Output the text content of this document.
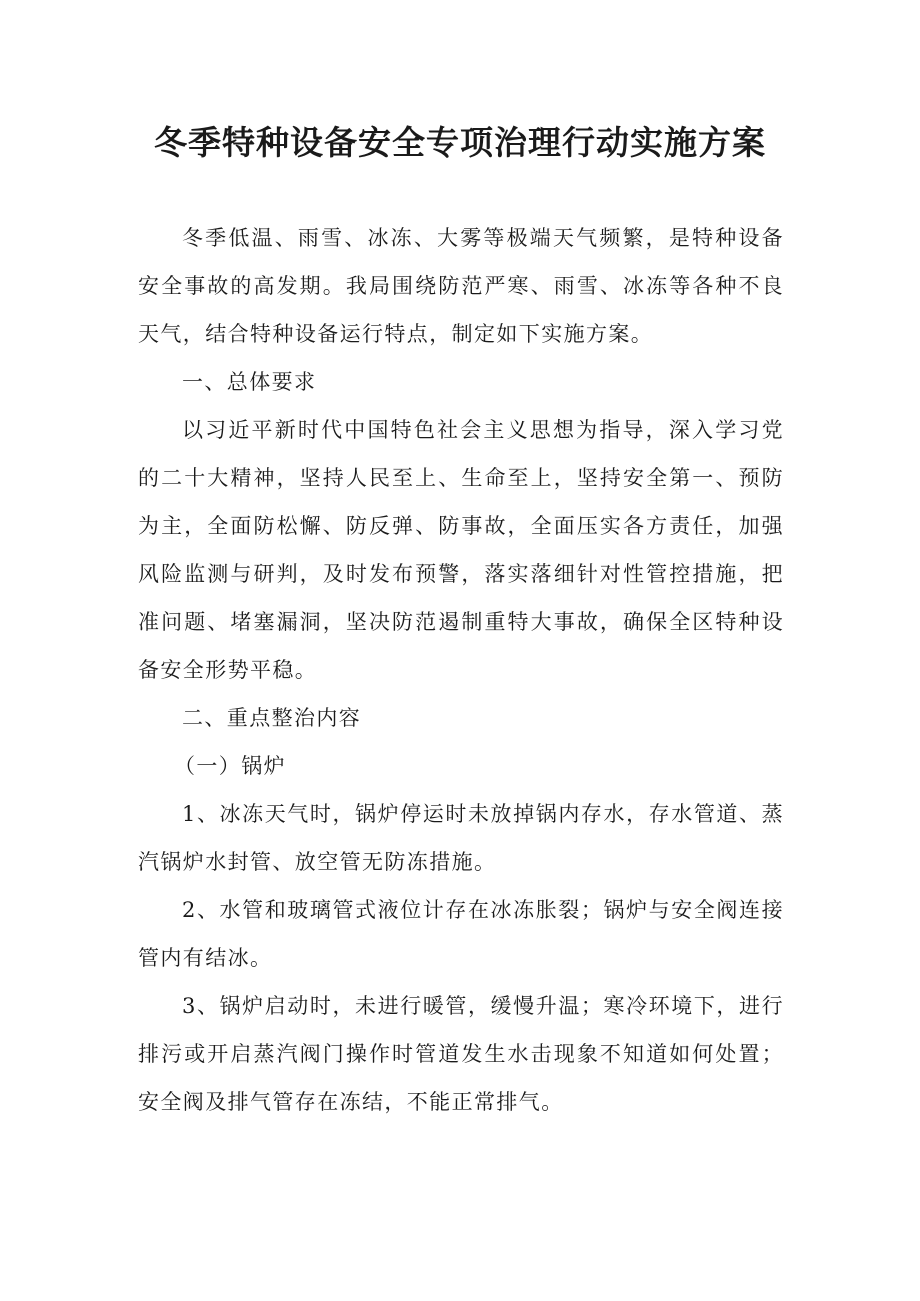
冬季特种设备安全专项治理行动实施方案

冬季低温、雨雪、冰冻、大雾等极端天气频繁，是特种设备安全事故的高发期。我局围绕防范严寒、雨雪、冰冻等各种不良天气，结合特种设备运行特点，制定如下实施方案。

一、总体要求

以习近平新时代中国特色社会主义思想为指导，深入学习党的二十大精神，坚持人民至上、生命至上，坚持安全第一、预防为主，全面防松懈、防反弹、防事故，全面压实各方责任，加强风险监测与研判，及时发布预警，落实落细针对性管控措施，把准问题、堵塞漏洞，坚决防范遏制重特大事故，确保全区特种设备安全形势平稳。

二、重点整治内容

（一）锅炉

1、冰冻天气时，锅炉停运时未放掉锅内存水，存水管道、蒸汽锅炉水封管、放空管无防冻措施。

2、水管和玻璃管式液位计存在冰冻胀裂；锅炉与安全阀连接管内有结冰。

3、锅炉启动时，未进行暖管，缓慢升温；寒冷环境下，进行排污或开启蒸汽阀门操作时管道发生水击现象不知道如何处置；安全阀及排气管存在冻结，不能正常排气。
